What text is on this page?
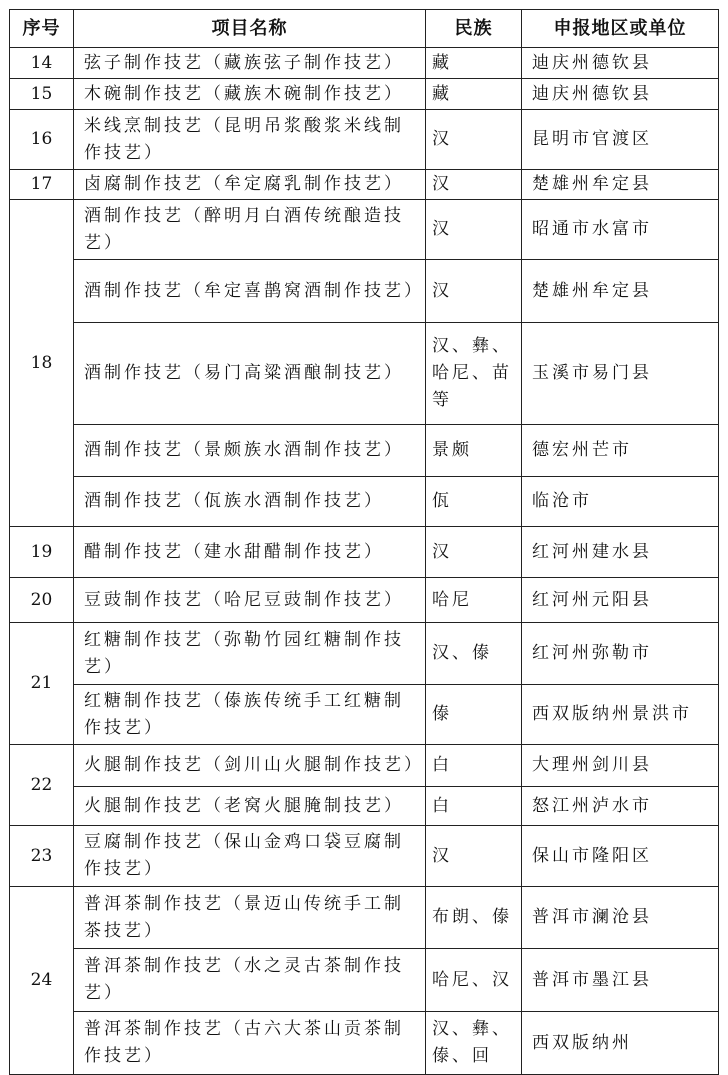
序号	项目名称	民族	申报地区或单位
14	弦子制作技艺（藏族弦子制作技艺）	藏	迪庆州德钦县
15	木碗制作技艺（藏族木碗制作技艺）	藏	迪庆州德钦县
16	米线烹制技艺（昆明吊浆酸浆米线制作技艺）	汉	昆明市官渡区
17	卤腐制作技艺（牟定腐乳制作技艺）	汉	楚雄州牟定县
18	酒制作技艺（醉明月白酒传统酿造技艺）	汉	昭通市水富市
	酒制作技艺（牟定喜鹊窝酒制作技艺）	汉	楚雄州牟定县
	酒制作技艺（易门高粱酒酿制技艺）	汉、彝、哈尼、苗等	玉溪市易门县
	酒制作技艺（景颇族水酒制作技艺）	景颇	德宏州芒市
	酒制作技艺（佤族水酒制作技艺）	佤	临沧市
19	醋制作技艺（建水甜醋制作技艺）	汉	红河州建水县
20	豆豉制作技艺（哈尼豆豉制作技艺）	哈尼	红河州元阳县
21	红糖制作技艺（弥勒竹园红糖制作技艺）	汉、傣	红河州弥勒市
	红糖制作技艺（傣族传统手工红糖制作技艺）	傣	西双版纳州景洪市
22	火腿制作技艺（剑川山火腿制作技艺）	白	大理州剑川县
	火腿制作技艺（老窝火腿腌制技艺）	白	怒江州泸水市
23	豆腐制作技艺（保山金鸡口袋豆腐制作技艺）	汉	保山市隆阳区
24	普洱茶制作技艺（景迈山传统手工制茶技艺）	布朗、傣	普洱市澜沧县
	普洱茶制作技艺（水之灵古茶制作技艺）	哈尼、汉	普洱市墨江县
	普洱茶制作技艺（古六大茶山贡茶制作技艺）	汉、彝、傣、回	西双版纳州
